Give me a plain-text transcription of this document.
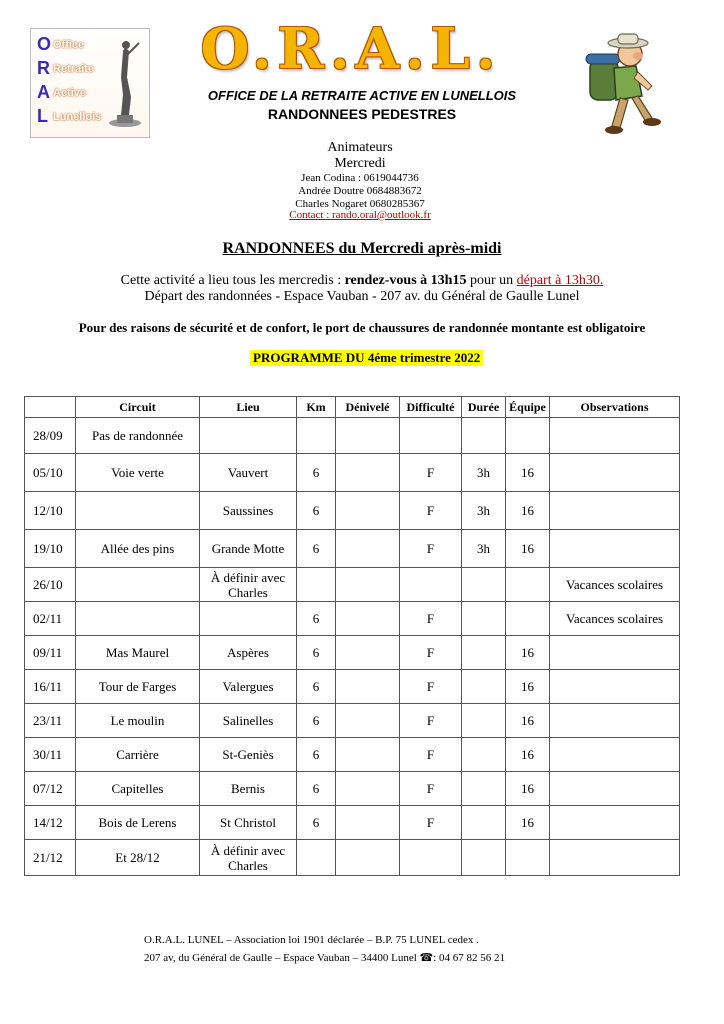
O
R
A
L
Office
Retraite
Active
Lunellois
O.R.A.L.
OFFICE DE LA RETRAITE ACTIVE EN LUNELLOIS
RANDONNEES PEDESTRES
Animateurs
Mercredi
Jean Codina : 0619044736
Andrée Doutre 0684883672
Charles Nogaret 0680285367
Contact : rando.oral@outlook.fr
RANDONNEES du Mercredi après-midi
Cette activité a lieu tous les mercredis : rendez-vous à 13h15 pour un départ à 13h30.
Départ des randonnées - Espace Vauban - 207 av. du Général de Gaulle Lunel
Pour des raisons de sécurité et de confort, le port de chaussures de randonnée montante est obligatoire
PROGRAMME DU 4éme trimestre 2022
	Circuit	Lieu	Km	Dénivelé	Difficulté	Durée	Équipe	Observations

28/09	Pas de randonnée							

05/10	Voie verte	Vauvert	6		F	3h	16	

12/10		Saussines	6		F	3h	16	

19/10	Allée des pins	Grande Motte	6		F	3h	16	

26/10		À définir avec Charles						Vacances scolaires

02/11			6		F			Vacances scolaires

09/11	Mas Maurel	Aspères	6		F		16	

16/11	Tour de Farges	Valergues	6		F		16	

23/11	Le moulin	Salinelles	6		F		16	

30/11	Carrière	St-Geniès	6		F		16	

07/12	Capitelles	Bernis	6		F		16	

14/12	Bois de Lerens	St Christol	6		F		16	

21/12	Et 28/12	À définir avec Charles						

O.R.A.L. LUNEL – Association loi 1901 déclarée – B.P. 75 LUNEL cedex .
207 av, du Général de Gaulle – Espace Vauban – 34400 Lunel ☎: 04 67 82 56 21
